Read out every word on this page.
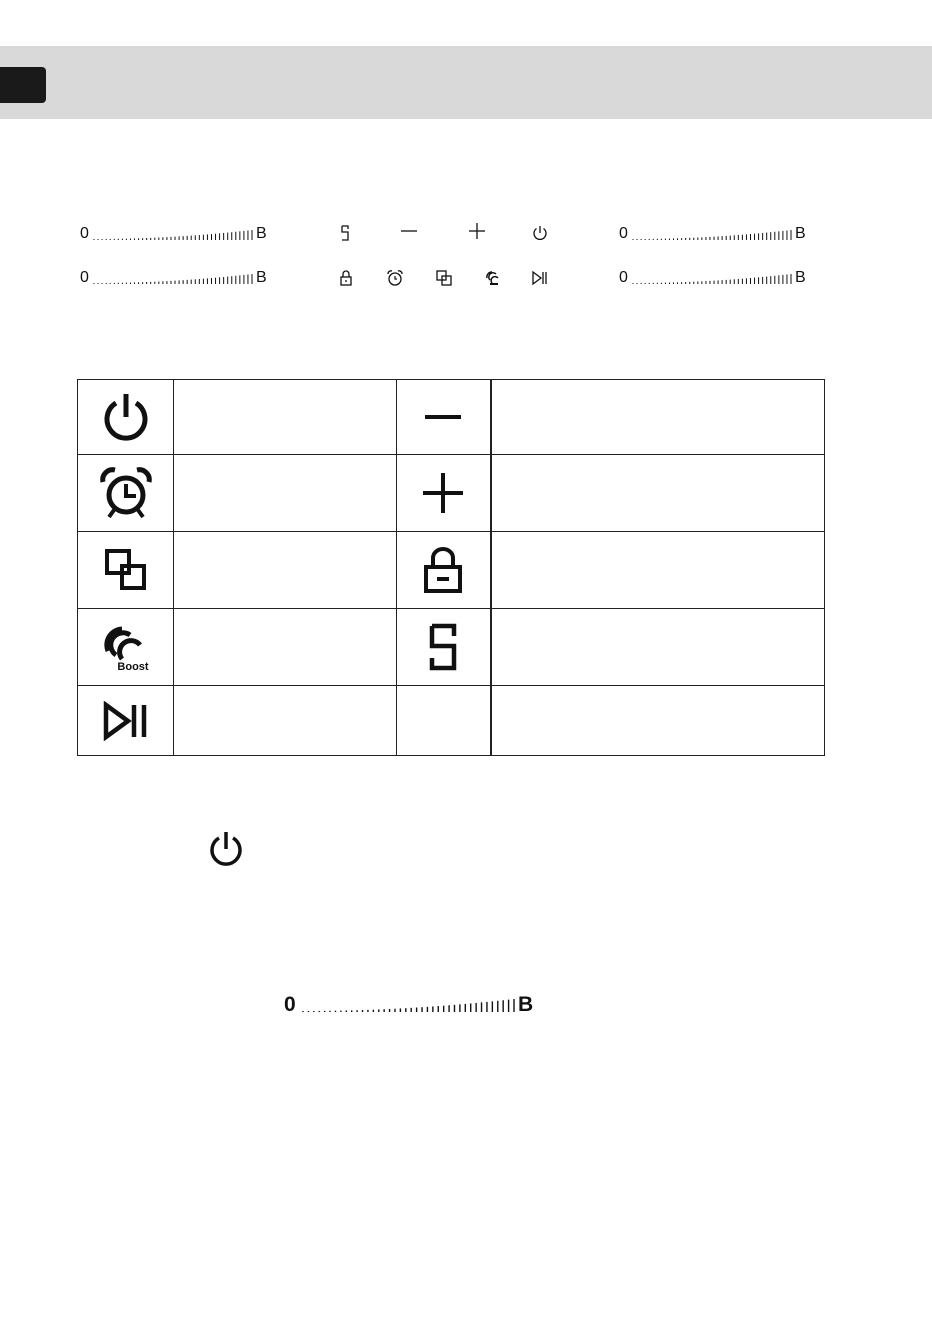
0	B
0	B
0	B
0	B

Boost

0	B
